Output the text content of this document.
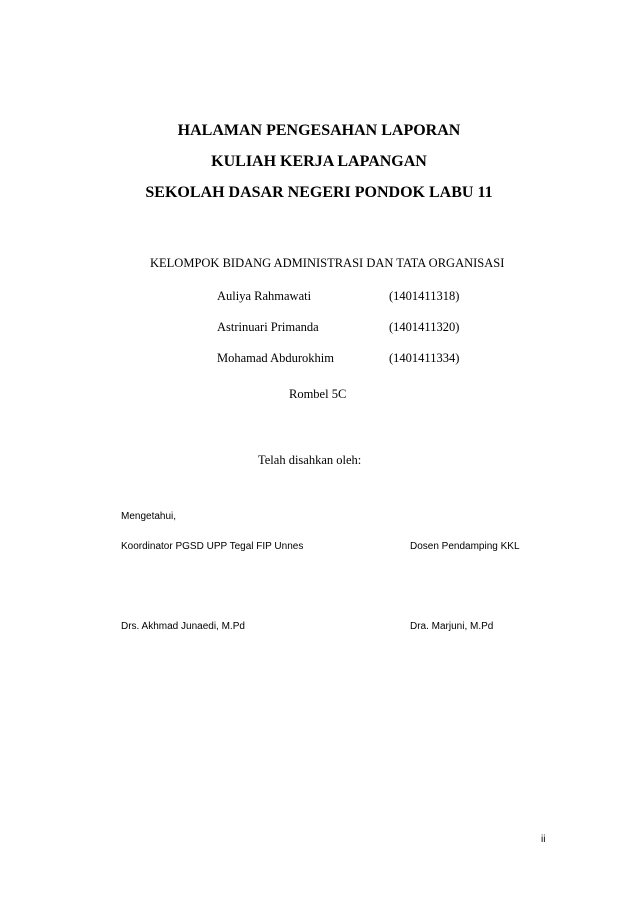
HALAMAN PENGESAHAN LAPORAN
KULIAH KERJA LAPANGAN
SEKOLAH DASAR NEGERI PONDOK LABU 11
KELOMPOK BIDANG ADMINISTRASI DAN TATA ORGANISASI
Auliya Rahmawati	(1401411318)
Astrinuari Primanda	(1401411320)
Mohamad Abdurokhim	(1401411334)
Rombel 5C
Telah disahkan oleh:
Mengetahui,
Koordinator PGSD UPP Tegal FIP Unnes	Dosen Pendamping KKL
Drs. Akhmad Junaedi, M.Pd	Dra. Marjuni, M.Pd
ii
